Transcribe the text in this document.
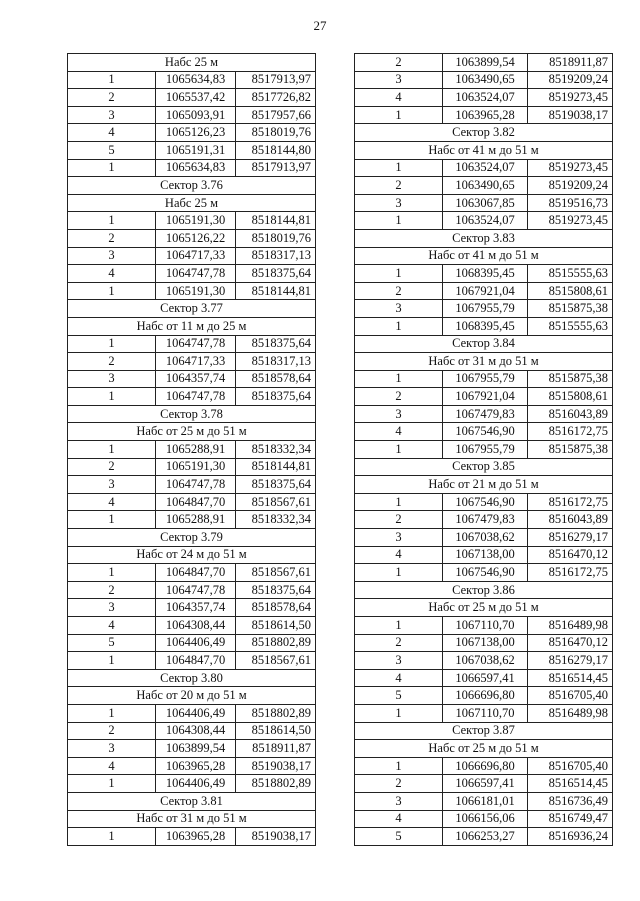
27
Набс 25 м		
1	1065634,83	8517913,97
2	1065537,42	8517726,82
3	1065093,91	8517957,66
4	1065126,23	8518019,76
5	1065191,31	8518144,80
1	1065634,83	8517913,97
Сектор 3.76		
Набс 25 м		
1	1065191,30	8518144,81
2	1065126,22	8518019,76
3	1064717,33	8518317,13
4	1064747,78	8518375,64
1	1065191,30	8518144,81
Сектор 3.77		
Набс от 11 м до 25 м		
1	1064747,78	8518375,64
2	1064717,33	8518317,13
3	1064357,74	8518578,64
1	1064747,78	8518375,64
Сектор 3.78		
Набс от 25 м до 51 м		
1	1065288,91	8518332,34
2	1065191,30	8518144,81
3	1064747,78	8518375,64
4	1064847,70	8518567,61
1	1065288,91	8518332,34
Сектор 3.79		
Набс от 24 м до 51 м		
1	1064847,70	8518567,61
2	1064747,78	8518375,64
3	1064357,74	8518578,64
4	1064308,44	8518614,50
5	1064406,49	8518802,89
1	1064847,70	8518567,61
Сектор 3.80		
Набс от 20 м до 51 м		
1	1064406,49	8518802,89
2	1064308,44	8518614,50
3	1063899,54	8518911,87
4	1063965,28	8519038,17
1	1064406,49	8518802,89
Сектор 3.81		
Набс от 31 м до 51 м		
1	1063965,28	8519038,17
2	1063899,54	8518911,87
3	1063490,65	8519209,24
4	1063524,07	8519273,45
1	1063965,28	8519038,17
Сектор 3.82		
Набс от 41 м до 51 м		
1	1063524,07	8519273,45
2	1063490,65	8519209,24
3	1063067,85	8519516,73
1	1063524,07	8519273,45
Сектор 3.83		
Набс от 41 м до 51 м		
1	1068395,45	8515555,63
2	1067921,04	8515808,61
3	1067955,79	8515875,38
1	1068395,45	8515555,63
Сектор 3.84		
Набс от 31 м до 51 м		
1	1067955,79	8515875,38
2	1067921,04	8515808,61
3	1067479,83	8516043,89
4	1067546,90	8516172,75
1	1067955,79	8515875,38
Сектор 3.85		
Набс от 21 м до 51 м		
1	1067546,90	8516172,75
2	1067479,83	8516043,89
3	1067038,62	8516279,17
4	1067138,00	8516470,12
1	1067546,90	8516172,75
Сектор 3.86		
Набс от 25 м до 51 м		
1	1067110,70	8516489,98
2	1067138,00	8516470,12
3	1067038,62	8516279,17
4	1066597,41	8516514,45
5	1066696,80	8516705,40
1	1067110,70	8516489,98
Сектор 3.87		
Набс от 25 м до 51 м		
1	1066696,80	8516705,40
2	1066597,41	8516514,45
3	1066181,01	8516736,49
4	1066156,06	8516749,47
5	1066253,27	8516936,24
